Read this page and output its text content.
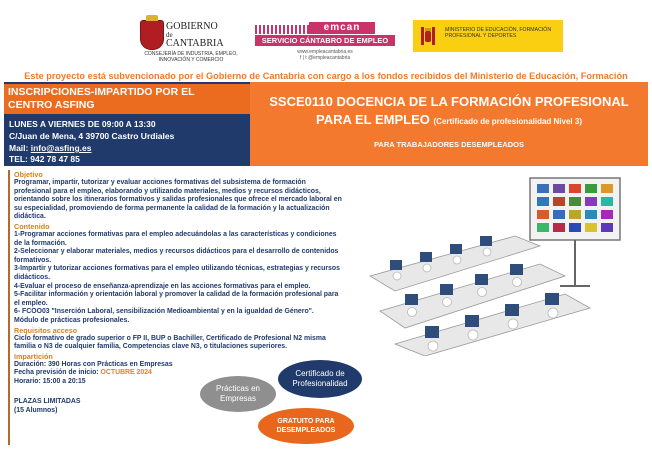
GOBIERNO
de
CANTABRIA
CONSEJERÍA DE INDUSTRIA, EMPLEO, INNOVACIÓN Y COMERCIO
emcan
SERVICIO CÁNTABRO DE EMPLEO
www.empleacantabria.es
f | t @empleacantabria
MINISTERIO DE EDUCACIÓN, FORMACIÓN PROFESIONAL Y DEPORTES
Este proyecto está subvencionado por el Gobierno de Cantabria con cargo a los fondos recibidos del Ministerio de Educación, Formación
INSCRIPCIONES-IMPARTIDO POR EL
CENTRO ASFING
LUNES A VIERNES DE 09:00 A 13:30
C/Juan de Mena, 4 39700 Castro Urdiales
Mail: info@asfing.es
TEL: 942 78 47 85
SSCE0110 DOCENCIA DE LA FORMACIÓN PROFESIONAL
PARA EL EMPLEO (Certificado de profesionalidad Nivel 3)
PARA TRABAJADORES DESEMPLEADOS
Objetivo
Programar, impartir, tutorizar y evaluar acciones formativas del subsistema de formación profesional para el empleo, elaborando y utilizando materiales, medios y recursos didácticos, orientando sobre los itinerarios formativos y salidas profesionales que ofrece el mercado laboral en su especialidad, promoviendo de forma permanente la calidad de la formación y la actualización didáctica.
Contenido
1-Programar acciones formativas para el empleo adecuándolas a las características y condiciones de la formación.
2-Seleccionar y elaborar materiales, medios y recursos didácticos para el desarrollo de contenidos formativos.
3-Impartir y tutorizar acciones formativas para el empleo utilizando técnicas, estrategias y recursos didácticos.
4-Evaluar el proceso de enseñanza-aprendizaje en las acciones formativas para el empleo.
5-Facilitar información y orientación laboral y promover la calidad de la formación profesional para el empleo.
6- FCOO03 "Inserción Laboral, sensibilización Medioambiental y en la igualdad de Género".
Módulo de prácticas profesionales.
Requisitos acceso
Ciclo formativo de grado superior o FP II, BUP o Bachiller, Certificado de Profesional N2 misma familia o N3 de cualquier familia, Competencias clave N3, o titulaciones superiores.
Impartición
Duración: 390 Horas con Prácticas en Empresas
Fecha previsión de inicio: OCTUBRE 2024
Horario: 15:00 a 20:15
PLAZAS LIMITADAS
(15 Alumnos)
Prácticas en Empresas
Certificado de Profesionalidad
GRATUITO PARA DESEMPLEADOS
